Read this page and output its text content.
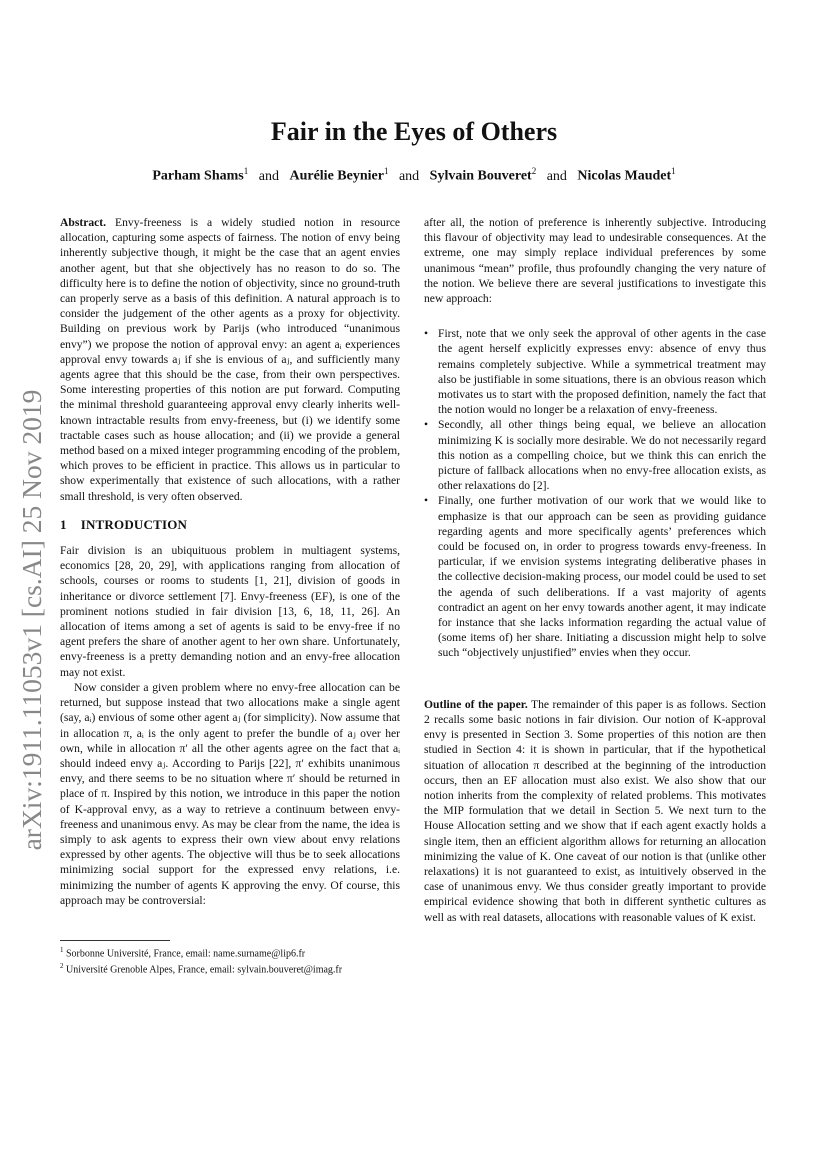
arXiv:1911.11053v1 [cs.AI] 25 Nov 2019
Fair in the Eyes of Others
Parham Shams$^1$ and Aurélie Beynier$^1$ and Sylvain Bouveret$^2$ and Nicolas Maudet$^1$

Abstract. Envy-freeness is a widely studied notion in resource allocation, capturing some aspects of fairness. The notion of envy being inherently subjective though, it might be the case that an agent envies another agent, but that she objectively has no reason to do so. The difficulty here is to define the notion of objectivity, since no ground-truth can properly serve as a basis of this definition. A natural approach is to consider the judgement of the other agents as a proxy for objectivity. Building on previous work by Parijs (who introduced “unanimous envy”) we propose the notion of approval envy: an agent aᵢ experiences approval envy towards aⱼ if she is envious of aⱼ, and sufficiently many agents agree that this should be the case, from their own perspectives. Some interesting properties of this notion are put forward. Computing the minimal threshold guaranteeing approval envy clearly inherits well-known intractable results from envy-freeness, but (i) we identify some tractable cases such as house allocation; and (ii) we provide a general method based on a mixed integer programming encoding of the problem, which proves to be efficient in practice. This allows us in particular to show experimentally that existence of such allocations, with a rather small threshold, is very often observed.

1 INTRODUCTION

Fair division is an ubiquituous problem in multiagent systems, economics [28, 20, 29], with applications ranging from allocation of schools, courses or rooms to students [1, 21], division of goods in inheritance or divorce settlement [7]. Envy-freeness (EF), is one of the prominent notions studied in fair division [13, 6, 18, 11, 26]. An allocation of items among a set of agents is said to be envy-free if no agent prefers the share of another agent to her own share. Unfortunately, envy-freeness is a pretty demanding notion and an envy-free allocation may not exist.

Now consider a given problem where no envy-free allocation can be returned, but suppose instead that two allocations make a single agent (say, aᵢ) envious of some other agent aⱼ (for simplicity). Now assume that in allocation π, aᵢ is the only agent to prefer the bundle of aⱼ over her own, while in allocation π′ all the other agents agree on the fact that aᵢ should indeed envy aⱼ. According to Parijs [22], π′ exhibits unanimous envy, and there seems to be no situation where π′ should be returned in place of π. Inspired by this notion, we introduce in this paper the notion of K-approval envy, as a way to retrieve a continuum between envy-freeness and unanimous envy. As may be clear from the name, the idea is simply to ask agents to express their own view about envy relations expressed by other agents. The objective will thus be to seek allocations minimizing social support for the expressed envy relations, i.e. minimizing the number of agents K approving the envy. Of course, this approach may be controversial:

after all, the notion of preference is inherently subjective. Introducing this flavour of objectivity may lead to undesirable consequences. At the extreme, one may simply replace individual preferences by some unanimous “mean” profile, thus profoundly changing the very nature of the notion. We believe there are several justifications to investigate this new approach:

• First, note that we only seek the approval of other agents in the case the agent herself explicitly expresses envy: absence of envy thus remains completely subjective. While a symmetrical treatment may also be justifiable in some situations, there is an obvious reason which motivates us to start with the proposed definition, namely the fact that the notion would no longer be a relaxation of envy-freeness.
• Secondly, all other things being equal, we believe an allocation minimizing K is socially more desirable. We do not necessarily regard this notion as a compelling choice, but we think this can enrich the picture of fallback allocations when no envy-free allocation exists, as other relaxations do [2].
• Finally, one further motivation of our work that we would like to emphasize is that our approach can be seen as providing guidance regarding agents and more specifically agents’ preferences which could be focused on, in order to progress towards envy-freeness. In particular, if we envision systems integrating deliberative phases in the collective decision-making process, our model could be used to set the agenda of such deliberations. If a vast majority of agents contradict an agent on her envy towards another agent, it may indicate for instance that she lacks information regarding the actual value of (some items of) her share. Initiating a discussion might help to solve such “objectively unjustified” envies when they occur.

Outline of the paper. The remainder of this paper is as follows. Section 2 recalls some basic notions in fair division. Our notion of K-approval envy is presented in Section 3. Some properties of this notion are then studied in Section 4: it is shown in particular, that if the hypothetical situation of allocation π described at the beginning of the introduction occurs, then an EF allocation must also exist. We also show that our notion inherits from the complexity of related problems. This motivates the MIP formulation that we detail in Section 5. We next turn to the House Allocation setting and we show that if each agent exactly holds a single item, then an efficient algorithm allows for returning an allocation minimizing the value of K. One caveat of our notion is that (unlike other relaxations) it is not guaranteed to exist, as intuitively observed in the case of unanimous envy. We thus consider greatly important to provide empirical evidence showing that both in different synthetic cultures as well as with real datasets, allocations with reasonable values of K exist.

$^1$ Sorbonne Université, France, email: name.surname@lip6.fr
$^2$ Université Grenoble Alpes, France, email: sylvain.bouveret@imag.fr
